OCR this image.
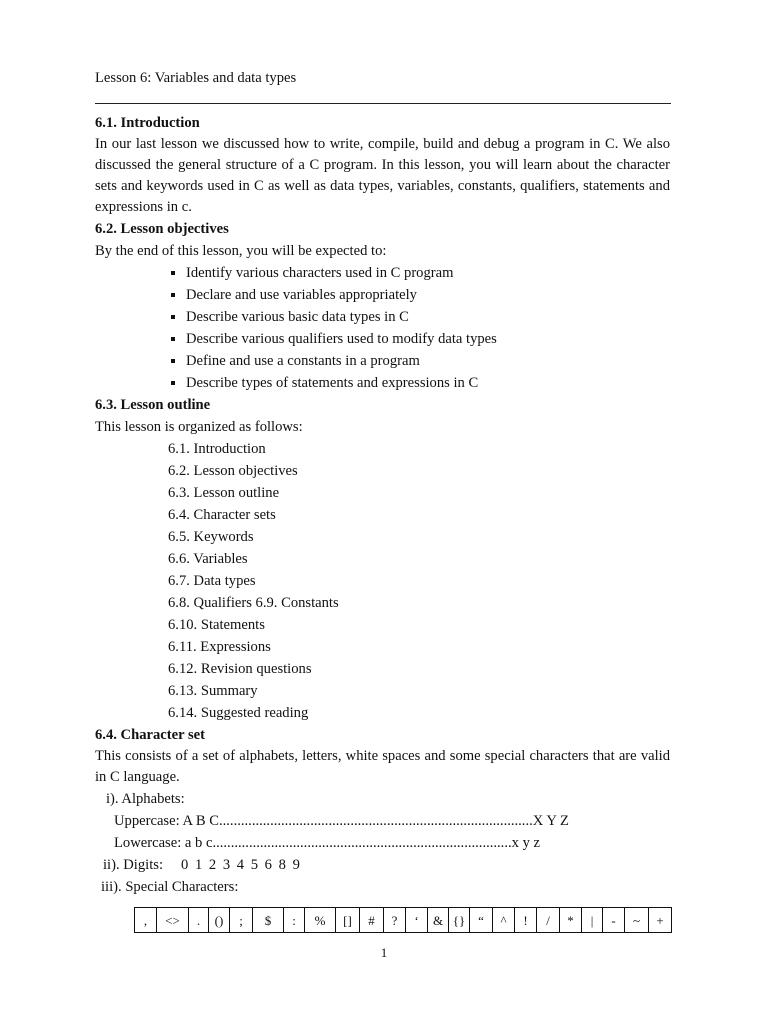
Lesson 6: Variables and data types
6.1. Introduction

In our last lesson we discussed how to write, compile, build and debug a program in C. We also discussed the general structure of a C program. In this lesson, you will learn about the character sets and keywords used in C as well as data types, variables, constants, qualifiers, statements and expressions in c.

6.2. Lesson objectives

By the end of this lesson, you will be expected to:

Identify various characters used in C program
Declare and use variables appropriately
Describe various basic data types in C
Describe various qualifiers used to modify data types
Define and use a constants in a program
Describe types of statements and expressions in C
6.3. Lesson outline

This lesson is organized as follows:

6.1. Introduction
6.2. Lesson objectives
6.3. Lesson outline
6.4. Character sets
6.5. Keywords
6.6. Variables
6.7. Data types
6.8. Qualifiers 6.9. Constants
6.10. Statements
6.11. Expressions
6.12. Revision questions
6.13. Summary
6.14. Suggested reading
6.4. Character set

This consists of a set of alphabets, letters, white spaces and some special characters that are valid in C language.

i). Alphabets:
Uppercase: A B C ...................................................................................... X Y Z
Lowercase: a b c .................................................................................. x y z
ii). Digits: 0 1 2 3 4 5 6 8 9
iii). Special Characters:
,	<>	.	()	;	$	:	%	[]	#	?	‘	&	{}	“	^	!	/	*	|	-	~	+
1
